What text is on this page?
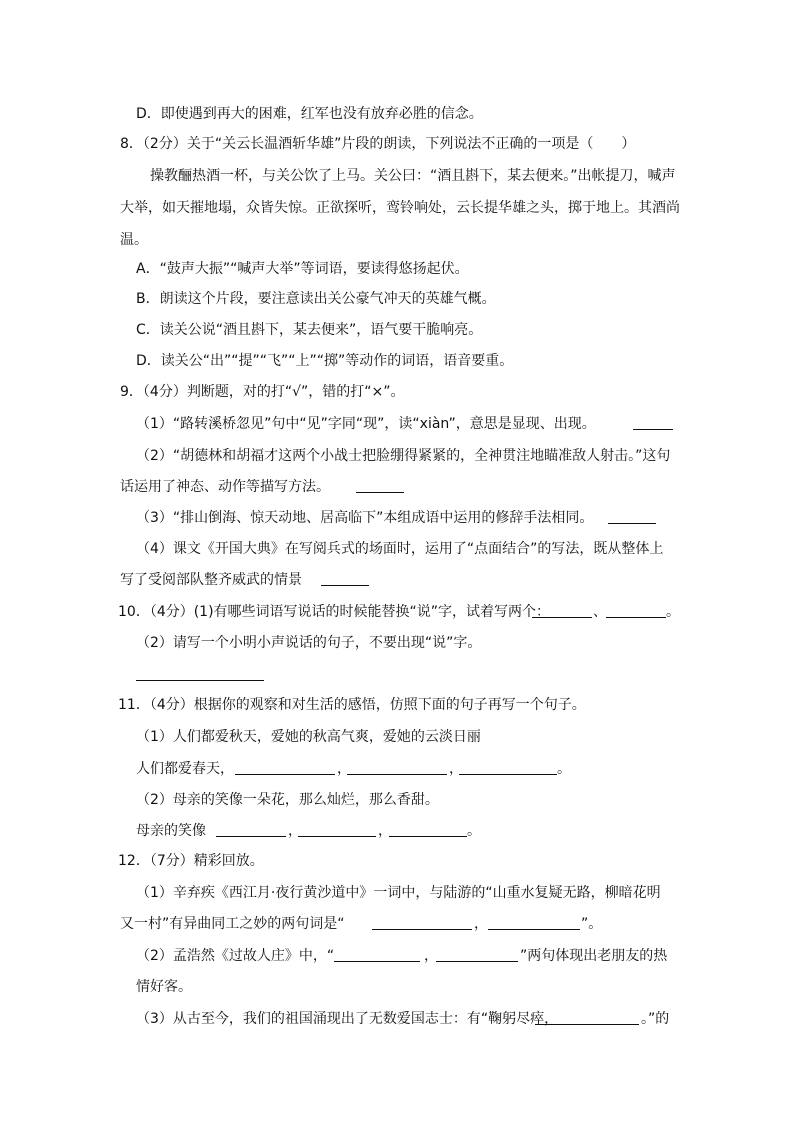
D．即使遇到再大的困难，红军也没有放弃必胜的信念。
8．（2分）关于“关云长温酒斩华雄”片段的朗读，下列说法不正确的一项是（　　）
操教酾热酒一杯，与关公饮了上马。关公曰：“酒且斟下，某去便来。”出帐提刀，喊声
大举，如天摧地塌，众皆失惊。正欲探听，鸾铃响处，云长提华雄之头，掷于地上。其酒尚
温。
A．“鼓声大振”“喊声大举”等词语，要读得悠扬起伏。
B．朗读这个片段，要注意读出关公豪气冲天的英雄气概。
C．读关公说“酒且斟下，某去便来”，语气要干脆响亮。
D．读关公“出”“提”“飞”“上”“掷”等动作的词语，语音要重。
9．（4分）判断题，对的打“√”，错的打“×”。
（1）“路转溪桥忽见”句中“见”字同“现”，读“xiàn”，意思是显现、出现。
（2）“胡德林和胡福才这两个小战士把脸绷得紧紧的，全神贯注地瞄准敌人射击。”这句
话运用了神态、动作等描写方法。
（3）“排山倒海、惊天动地、居高临下”本组成语中运用的修辞手法相同。
（4）课文《开国大典》在写阅兵式的场面时，运用了“点面结合”的写法，既从整体上
写了受阅部队整齐威武的情景
10．（4分）(1)有哪些词语写说话的时候能替换“说”字，试着写两个：	、	。
（2）请写一个小明小声说话的句子，不要出现“说”字。
11．（4分）根据你的观察和对生活的感悟，仿照下面的句子再写一个句子。
（1）人们都爱秋天，爱她的秋高气爽，爱她的云淡日丽
人们都爱春天，	，	，	。
（2）母亲的笑像一朵花，那么灿烂，那么香甜。
母亲的笑像	，	，	。
12．（7分）精彩回放。
（1）辛弃疾《西江月·夜行黄沙道中》一词中，与陆游的“山重水复疑无路，柳暗花明
又一村”有异曲同工之妙的两句词是“	，	”。
（2）孟浩然《过故人庄》中，“	，	”两句体现出老朋友的热
情好客。
（3）从古至今，我们的祖国涌现出了无数爱国志士：有“鞠躬尽瘁，	。”的
